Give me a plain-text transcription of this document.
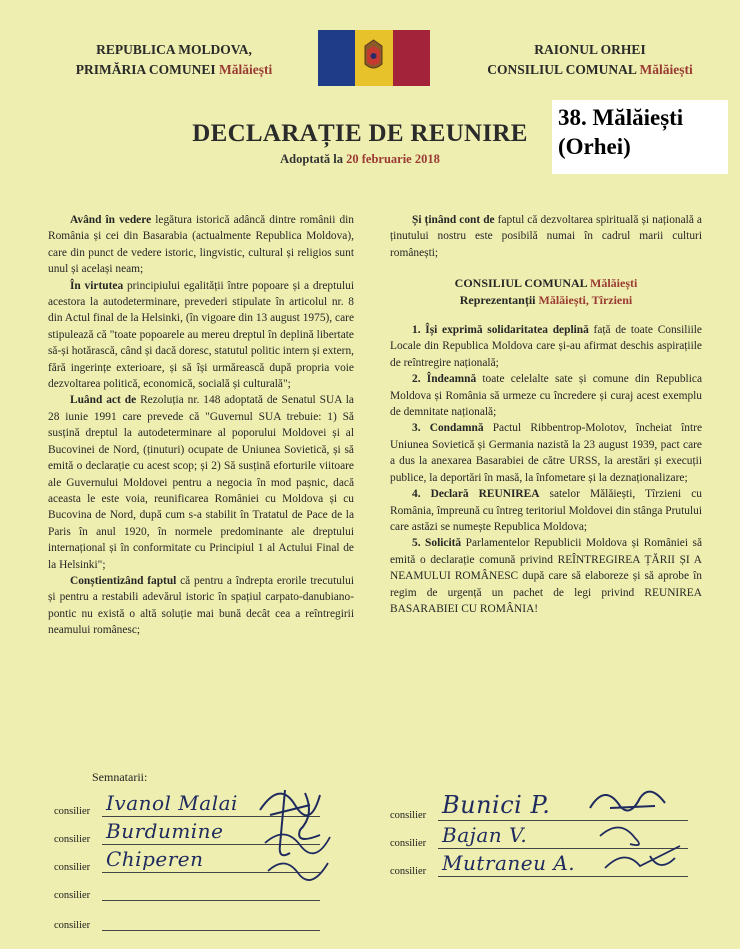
REPUBLICA MOLDOVA,
PRIMĂRIA COMUNEI Mălăiești
RAIONUL ORHEI
CONSILIUL COMUNAL Mălăiești
38. Mălăiești
(Orhei)
DECLARAȚIE DE REUNIRE
Adoptată la 20 februarie 2018

Având în vedere legătura istorică adâncă dintre românii din România și cei din Basarabia (actualmente Republica Moldova), care din punct de vedere istoric, lingvistic, cultural și religios sunt unul și același neam;

În virtutea principiului egalității între popoare și a dreptului acestora la autodeterminare, prevederi stipulate în articolul nr. 8 din Actul final de la Helsinki, (în vigoare din 13 august 1975), care stipulează că "toate popoarele au mereu dreptul în deplină libertate să-și hotărască, când și dacă doresc, statutul politic intern și extern, fără ingerințe exterioare, și să își urmărească după propria voie dezvoltarea politică, economică, socială și culturală";

Luând act de Rezoluția nr. 148 adoptată de Senatul SUA la 28 iunie 1991 care prevede că "Guvernul SUA trebuie: 1) Să susțină dreptul la autodeterminare al poporului Moldovei și al Bucovinei de Nord, (ținuturi) ocupate de Uniunea Sovietică, și să emită o declarație cu acest scop; și 2) Să susțină eforturile viitoare ale Guvernului Moldovei pentru a negocia în mod pașnic, dacă aceasta le este voia, reunificarea României cu Moldova și cu Bucovina de Nord, după cum s-a stabilit în Tratatul de Pace de la Paris în anul 1920, în normele predominante ale dreptului internațional și în conformitate cu Principiul 1 al Actului Final de la Helsinki";

Conștientizând faptul că pentru a îndrepta erorile trecutului și pentru a restabili adevărul istoric în spațiul carpato-danubiano-pontic nu există o altă soluție mai bună decât cea a reîntregirii neamului românesc;

Și ținând cont de faptul că dezvoltarea spirituală și națională a ținutului nostru este posibilă numai în cadrul marii culturi românești;

CONSILIUL COMUNAL Mălăiești

Reprezentanții Mălăiești, Tîrzieni

1. Își exprimă solidaritatea deplină față de toate Consiliile Locale din Republica Moldova care și-au afirmat deschis aspirațiile de reîntregire națională;

2. Îndeamnă toate celelalte sate și comune din Republica Moldova și România să urmeze cu încredere și curaj acest exemplu de demnitate națională;

3. Condamnă Pactul Ribbentrop-Molotov, încheiat între Uniunea Sovietică și Germania nazistă la 23 august 1939, pact care a dus la anexarea Basarabiei de către URSS, la arestări și execuții publice, la deportări în masă, la înfometare și la deznaționalizare;

4. Declară REUNIREA satelor Mălăiești, Tîrzieni cu România, împreună cu întreg teritoriul Moldovei din stânga Prutului care astăzi se numește Republica Moldova;

5. Solicită Parlamentelor Republicii Moldova și României să emită o declarație comună privind REÎNTREGIREA ȚĂRII ȘI A NEAMULUI ROMÂNESC după care să elaboreze și să aprobe în regim de urgență un pachet de legi privind REUNIREA BASARABIEI CU ROMÂNIA!

Semnatarii:
consilier Ivanol Malai
consilier Burdumine
consilier Chiperen
consilier
consilier
consilier Bunici P.
consilier Bajan V.
consilier Mutraneu A.
